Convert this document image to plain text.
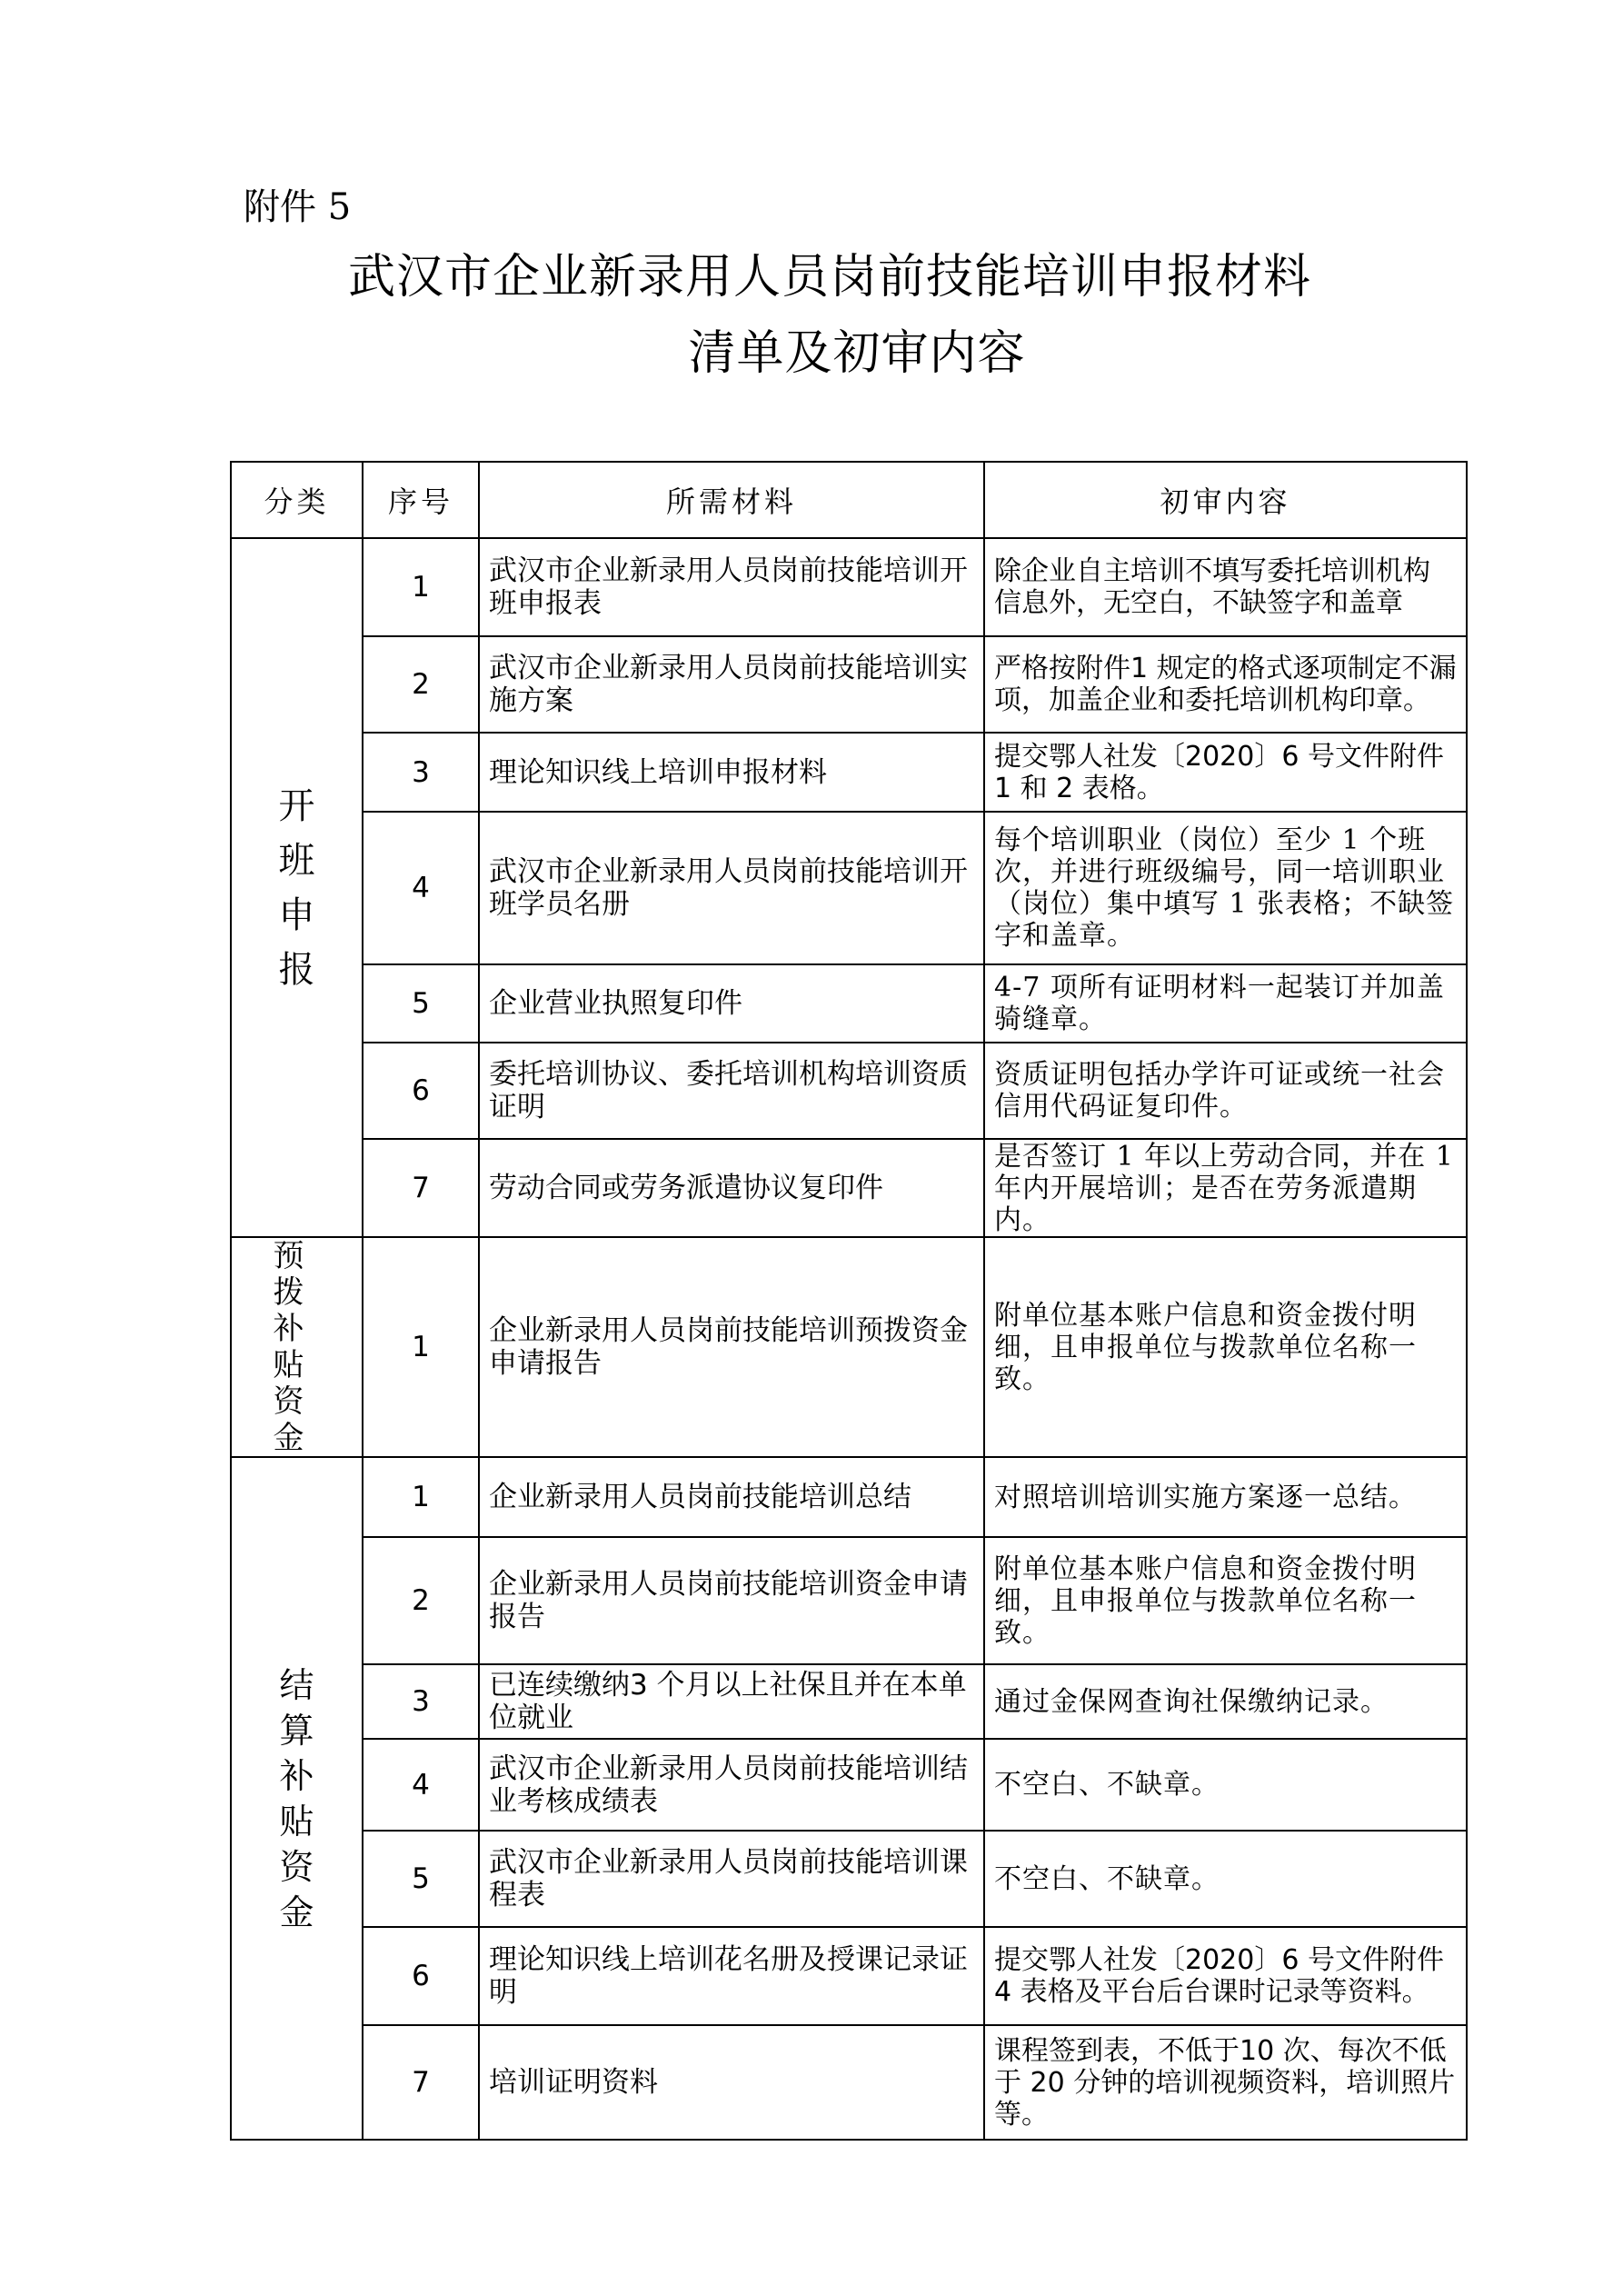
附件 5
武汉市企业新录用人员岗前技能培训申报材料
清单及初审内容
分类	序号	所需材料	初审内容
开班申报	1	武汉市企业新录用人员岗前技能培训开班申报表	除企业自主培训不填写委托培训机构信息外，无空白，不缺签字和盖章
	2	武汉市企业新录用人员岗前技能培训实施方案	严格按附件1 规定的格式逐项制定不漏项，加盖企业和委托培训机构印章。
	3	理论知识线上培训申报材料	提交鄂人社发〔2020〕6 号文件附件1 和 2 表格。
	4	武汉市企业新录用人员岗前技能培训开班学员名册	每个培训职业（岗位）至少 1 个班次，并进行班级编号，同一培训职业（岗位）集中填写 1 张表格；不缺签字和盖章。
	5	企业营业执照复印件	4-7 项所有证明材料一起装订并加盖骑缝章。
	6	委托培训协议、委托培训机构培训资质证明	资质证明包括办学许可证或统一社会信用代码证复印件。
	7	劳动合同或劳务派遣协议复印件	是否签订 1 年以上劳动合同，并在 1 年内开展培训；是否在劳务派遣期内。
预拨补贴资金	1	企业新录用人员岗前技能培训预拨资金申请报告	附单位基本账户信息和资金拨付明细，且申报单位与拨款单位名称一致。
结算补贴资金	1	企业新录用人员岗前技能培训总结	对照培训培训实施方案逐一总结。
	2	企业新录用人员岗前技能培训资金申请报告	附单位基本账户信息和资金拨付明细，且申报单位与拨款单位名称一致。
	3	已连续缴纳3 个月以上社保且并在本单位就业	通过金保网查询社保缴纳记录。
	4	武汉市企业新录用人员岗前技能培训结业考核成绩表	不空白、不缺章。
	5	武汉市企业新录用人员岗前技能培训课程表	不空白、不缺章。
	6	理论知识线上培训花名册及授课记录证明	提交鄂人社发〔2020〕6 号文件附件4 表格及平台后台课时记录等资料。
	7	培训证明资料	课程签到表，不低于10 次、每次不低于 20 分钟的培训视频资料，培训照片等。
